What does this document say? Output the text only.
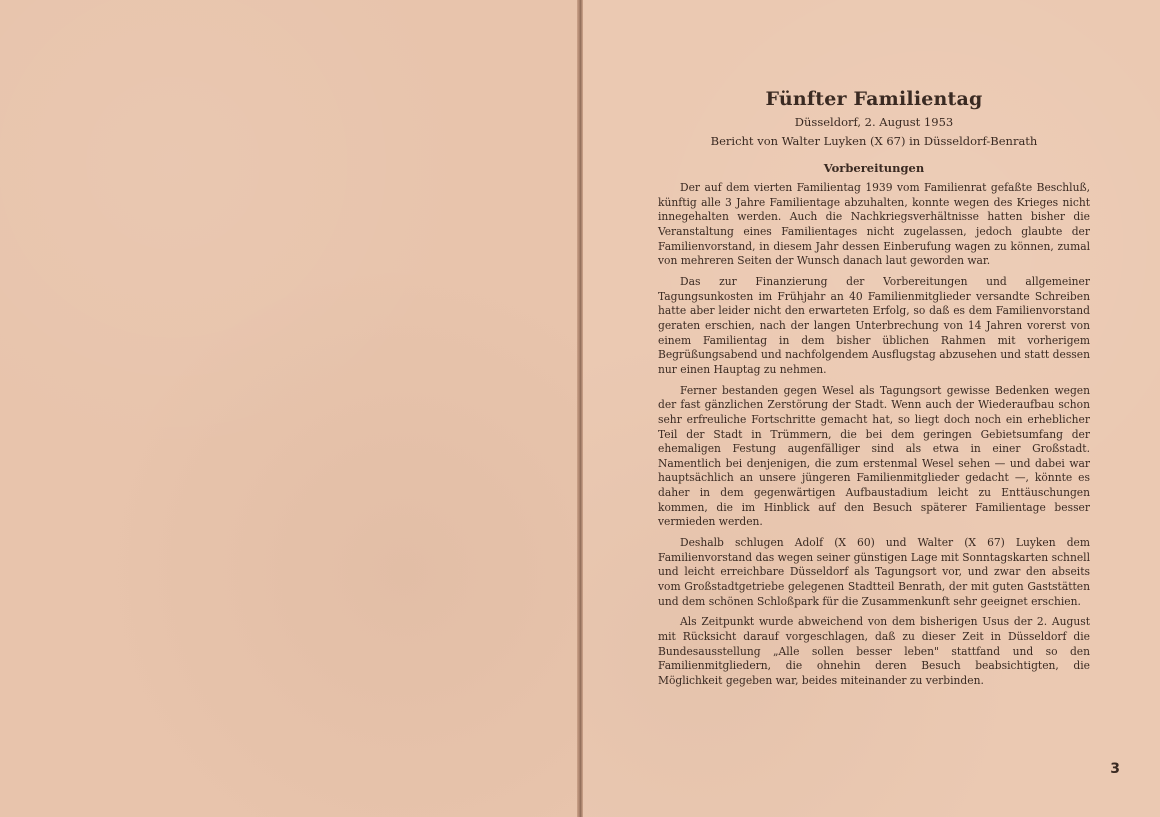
Fünfter Familientag
Düsseldorf, 2. August 1953
Bericht von Walter Luyken (X 67) in Düsseldorf-Benrath
Vorbereitungen

Der auf dem vierten Familientag 1939 vom Familienrat gefaßte Beschluß, künftig alle 3 Jahre Familientage abzuhalten, konnte wegen des Krieges nicht innegehalten werden. Auch die Nachkriegsverhältnisse hatten bisher die Veranstaltung eines Familientages nicht zugelassen, jedoch glaubte der Familienvorstand, in diesem Jahr dessen Einberufung wagen zu können, zumal von mehreren Seiten der Wunsch danach laut geworden war.

Das zur Finanzierung der Vorbereitungen und allgemeiner Tagungsunkosten im Frühjahr an 40 Familienmitglieder versandte Schreiben hatte aber leider nicht den erwarteten Erfolg, so daß es dem Familienvorstand geraten erschien, nach der langen Unterbrechung von 14 Jahren vorerst von einem Familientag in dem bisher üblichen Rahmen mit vorherigem Begrüßungsabend und nachfolgendem Ausflugstag abzusehen und statt dessen nur einen Hauptag zu nehmen.

Ferner bestanden gegen Wesel als Tagungsort gewisse Bedenken wegen der fast gänzlichen Zerstörung der Stadt. Wenn auch der Wiederaufbau schon sehr erfreuliche Fortschritte gemacht hat, so liegt doch noch ein erheblicher Teil der Stadt in Trümmern, die bei dem geringen Gebietsumfang der ehemaligen Festung augenfälliger sind als etwa in einer Großstadt. Namentlich bei denjenigen, die zum erstenmal Wesel sehen — und dabei war hauptsächlich an unsere jüngeren Familienmitglieder gedacht —, könnte es daher in dem gegenwärtigen Aufbaustadium leicht zu Enttäuschungen kommen, die im Hinblick auf den Besuch späterer Familientage besser vermieden werden.

Deshalb schlugen Adolf (X 60) und Walter (X 67) Luyken dem Familienvorstand das wegen seiner günstigen Lage mit Sonntagskarten schnell und leicht erreichbare Düsseldorf als Tagungsort vor, und zwar den abseits vom Großstadtgetriebe gelegenen Stadtteil Benrath, der mit guten Gaststätten und dem schönen Schloßpark für die Zusammenkunft sehr geeignet erschien.

Als Zeitpunkt wurde abweichend von dem bisherigen Usus der 2. August mit Rücksicht darauf vorgeschlagen, daß zu dieser Zeit in Düsseldorf die Bundesausstellung „Alle sollen besser leben" stattfand und so den Familienmitgliedern, die ohnehin deren Besuch beabsichtigten, die Möglichkeit gegeben war, beides miteinander zu verbinden.

3
